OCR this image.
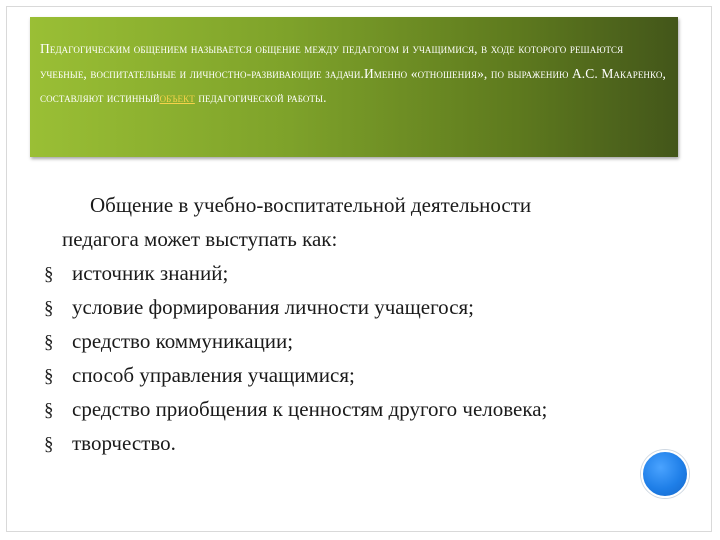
Педагогическим общением называется общение между педагогом и учащимися, в ходе которого решаются учебные, воспитательные и личностно-развивающие задачи.Именно «отношения», по выражению А.С. Макаренко, составляют истинныйобъект педагогической работы.

Общение в учебно-воспитательной деятельности
педагога может выступать как:

§ источник знаний;
§ условие формирования личности учащегося;
§ средство коммуникации;
§ способ управления учащимися;
§ средство приобщения к ценностям другого человека;
§ творчество.
